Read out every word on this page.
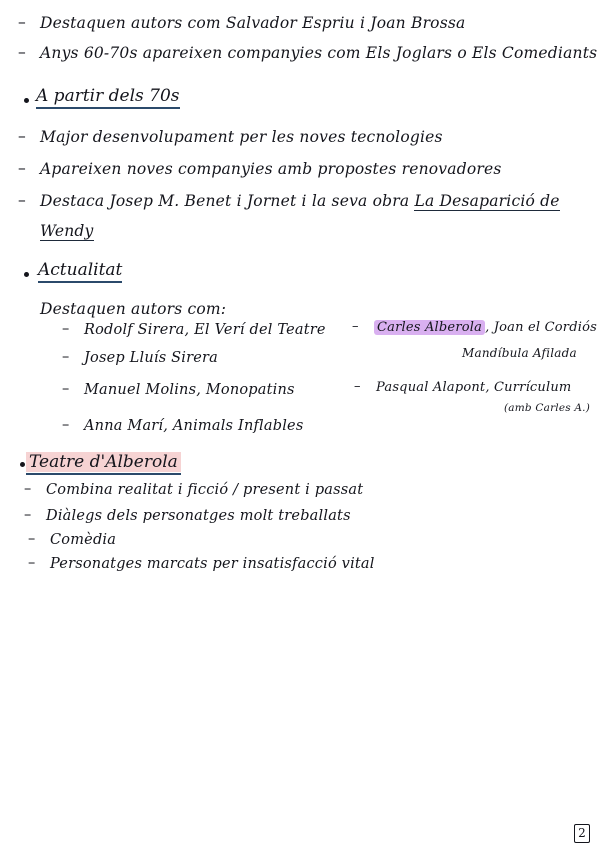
– Destaquen autors com Salvador Espriu i Joan Brossa
– Anys 60-70s apareixen companyies com Els Joglars o Els Comediants
A partir dels 70s
– Major desenvolupament per les noves tecnologies
– Apareixen noves companyies amb propostes renovadores
– Destaca Josep M. Benet i Jornet i la seva obra La Desaparició de
Wendy
Actualitat
Destaquen autors com:
– Rodolf Sirera, El Verí del Teatre
– Josep Lluís Sirera
– Manuel Molins, Monopatins
– Anna Marí, Animals Inflables
– Carles Alberola , Joan el Cordiós
Mandíbula Afilada
– Pasqual Alapont, Currículum
(amb Carles A.)
Teatre d'Alberola
– Combina realitat i ficció / present i passat
– Diàlegs dels personatges molt treballats
– Comèdia
– Personatges marcats per insatisfacció vital
2
